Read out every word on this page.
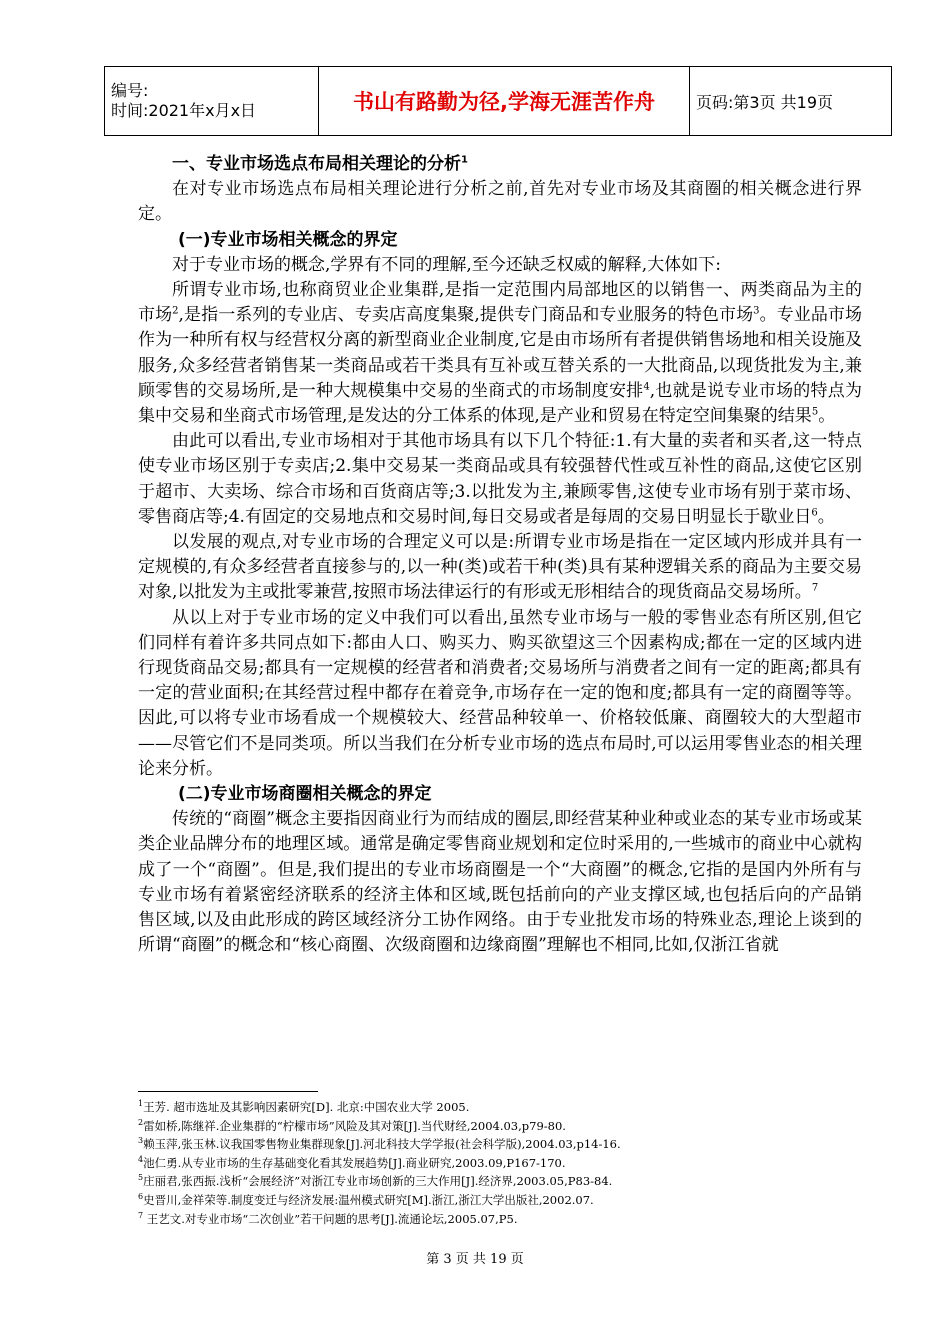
编号:
时间:2021年x月x日	书山有路勤为径,学海无涯苦作舟	页码:第3页 共19页
一、专业市场选点布局相关理论的分析$^1$

在对专业市场选点布局相关理论进行分析之前,首先对专业市场及其商圈的相关概念进行界定。

(一)专业市场相关概念的界定

对于专业市场的概念,学界有不同的理解,至今还缺乏权威的解释,大体如下:

所谓专业市场,也称商贸业企业集群,是指一定范围内局部地区的以销售一、两类商品为主的市场$^2$,是指一系列的专业店、专卖店高度集聚,提供专门商品和专业服务的特色市场$^3$。专业品市场作为一种所有权与经营权分离的新型商业企业制度,它是由市场所有者提供销售场地和相关设施及服务,众多经营者销售某一类商品或若干类具有互补或互替关系的一大批商品,以现货批发为主,兼顾零售的交易场所,是一种大规模集中交易的坐商式的市场制度安排$^4$,也就是说专业市场的特点为集中交易和坐商式市场管理,是发达的分工体系的体现,是产业和贸易在特定空间集聚的结果$^5$。

由此可以看出,专业市场相对于其他市场具有以下几个特征:1.有大量的卖者和买者,这一特点使专业市场区别于专卖店;2.集中交易某一类商品或具有较强替代性或互补性的商品,这使它区别于超市、大卖场、综合市场和百货商店等;3.以批发为主,兼顾零售,这使专业市场有别于菜市场、零售商店等;4.有固定的交易地点和交易时间,每日交易或者是每周的交易日明显长于歇业日$^6$。

以发展的观点,对专业市场的合理定义可以是:所谓专业市场是指在一定区域内形成并具有一定规模的,有众多经营者直接参与的,以一种(类)或若干种(类)具有某种逻辑关系的商品为主要交易对象,以批发为主或批零兼营,按照市场法律运行的有形或无形相结合的现货商品交易场所。$^7$

从以上对于专业市场的定义中我们可以看出,虽然专业市场与一般的零售业态有所区别,但它们同样有着许多共同点如下:都由人口、购买力、购买欲望这三个因素构成;都在一定的区域内进行现货商品交易;都具有一定规模的经营者和消费者;交易场所与消费者之间有一定的距离;都具有一定的营业面积;在其经营过程中都存在着竞争,市场存在一定的饱和度;都具有一定的商圈等等。因此,可以将专业市场看成一个规模较大、经营品种较单一、价格较低廉、商圈较大的大型超市——尽管它们不是同类项。所以当我们在分析专业市场的选点布局时,可以运用零售业态的相关理论来分析。

(二)专业市场商圈相关概念的界定

传统的“商圈”概念主要指因商业行为而结成的圈层,即经营某种业种或业态的某专业市场或某类企业品牌分布的地理区域。通常是确定零售商业规划和定位时采用的,一些城市的商业中心就构成了一个“商圈”。但是,我们提出的专业市场商圈是一个“大商圈”的概念,它指的是国内外所有与专业市场有着紧密经济联系的经济主体和区域,既包括前向的产业支撑区域,也包括后向的产品销售区域,以及由此形成的跨区域经济分工协作网络。由于专业批发市场的特殊业态,理论上谈到的所谓“商圈”的概念和“核心商圈、次级商圈和边缘商圈”理解也不相同,比如,仅浙江省就

$^1$王芳. 超市选址及其影响因素研究[D]. 北京:中国农业大学 2005.
$^2$雷如桥,陈继祥.企业集群的“柠檬市场”风险及其对策[J].当代财经,2004.03,p79-80.
$^3$赖玉萍,张玉林.议我国零售物业集群现象[J].河北科技大学学报(社会科学版),2004.03,p14-16.
$^4$池仁勇.从专业市场的生存基础变化看其发展趋势[J].商业研究,2003.09,P167-170.
$^5$庄丽君,张西振.浅析“会展经济”对浙江专业市场创新的三大作用[J].经济界,2003.05,P83-84.
$^6$史晋川,金祥荣等.制度变迁与经济发展:温州模式研究[M].浙江,浙江大学出版社,2002.07.
$^7$ 王艺文.对专业市场“二次创业”若干问题的思考[J].流通论坛,2005.07,P5.
第 3 页 共 19 页
